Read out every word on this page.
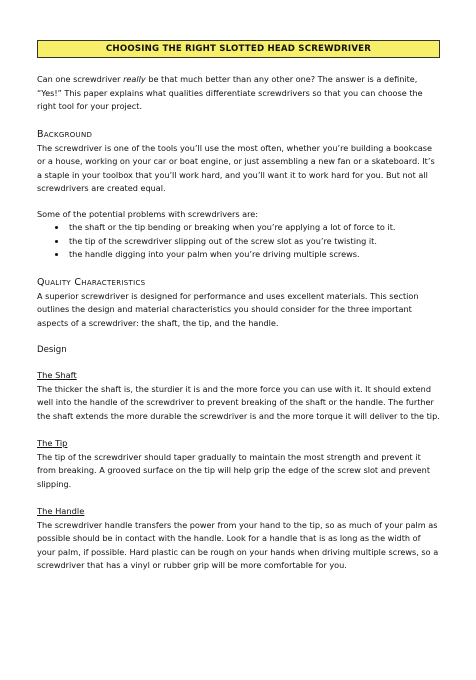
CHOOSING THE RIGHT SLOTTED HEAD SCREWDRIVER

Can one screwdriver really be that much better than any other one? The answer is a definite, “Yes!” This paper explains what qualities differentiate screwdrivers so that you can choose the right tool for your project.

Background

The screwdriver is one of the tools you’ll use the most often, whether you’re building a bookcase or a house, working on your car or boat engine, or just assembling a new fan or a skateboard. It’s a staple in your toolbox that you’ll work hard, and you’ll want it to work hard for you. But not all screwdrivers are created equal.

Some of the potential problems with screwdrivers are:

• the shaft or the tip bending or breaking when you’re applying a lot of force to it.
• the tip of the screwdriver slipping out of the screw slot as you’re twisting it.
• the handle digging into your palm when you’re driving multiple screws.
Quality Characteristics

A superior screwdriver is designed for performance and uses excellent materials. This section outlines the design and material characteristics you should consider for the three important aspects of a screwdriver: the shaft, the tip, and the handle.

Design
The Shaft

The thicker the shaft is, the sturdier it is and the more force you can use with it. It should extend well into the handle of the screwdriver to prevent breaking of the shaft or the handle. The further the shaft extends the more durable the screwdriver is and the more torque it will deliver to the tip.

The Tip

The tip of the screwdriver should taper gradually to maintain the most strength and prevent it from breaking. A grooved surface on the tip will help grip the edge of the screw slot and prevent slipping.

The Handle

The screwdriver handle transfers the power from your hand to the tip, so as much of your palm as possible should be in contact with the handle. Look for a handle that is as long as the width of your palm, if possible. Hard plastic can be rough on your hands when driving multiple screws, so a screwdriver that has a vinyl or rubber grip will be more comfortable for you.
